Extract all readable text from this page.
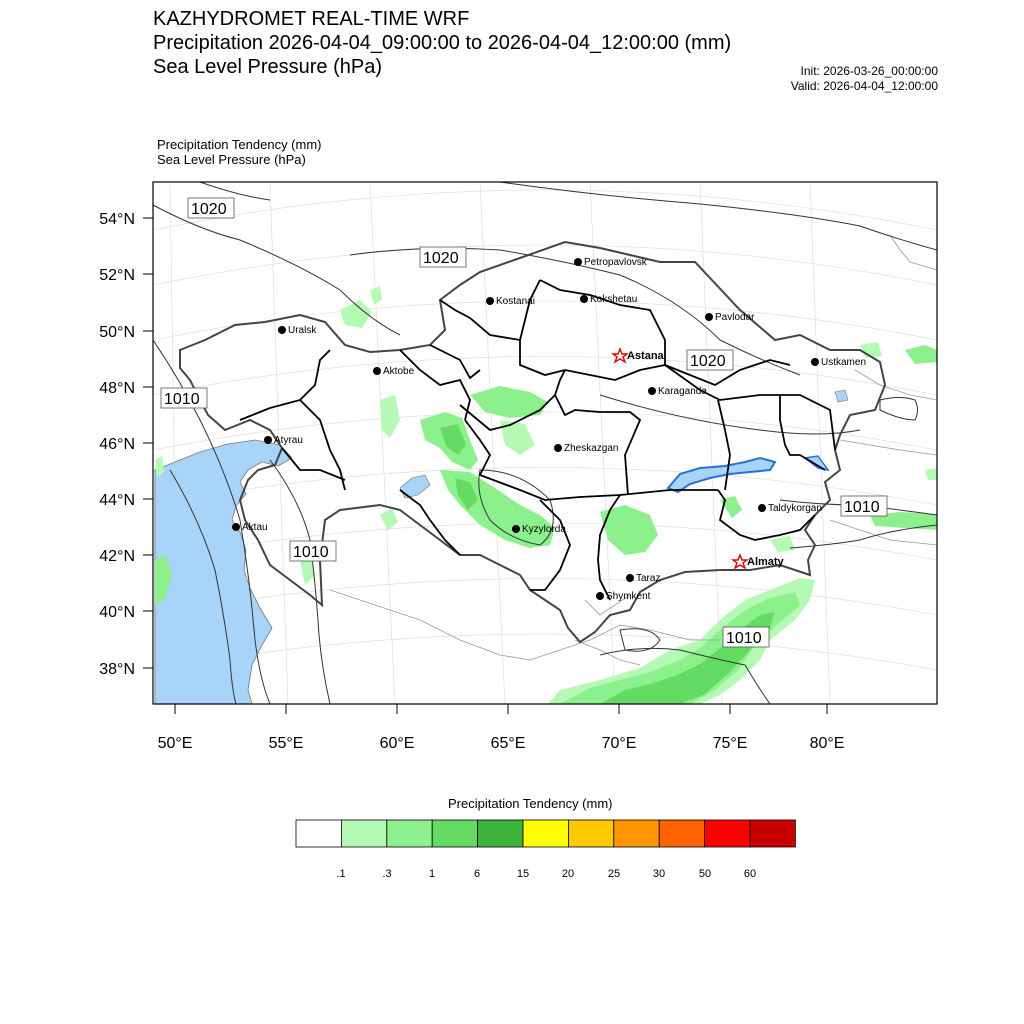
KAZHYDROMET REAL-TIME WRF
Precipitation 2026-04-04_09:00:00 to 2026-04-04_12:00:00 (mm)
Sea Level Pressure (hPa)	Init: 2026-03-26_00:00:00
Valid: 2026-04-04_12:00:00
Precipitation Tendency (mm)
Sea Level Pressure (hPa)
54°N
52°N
50°N
48°N
46°N
44°N
42°N
40°N
38°N
50°E	55°E	60°E	65°E	70°E	75°E	80°E
1020
1020
1020
1010
1010
1010
1010
Petropavlovsk
Kostanai	Kokshetau
Pavlodar
Uralsk
Astana
Aktobe
Karaganda
Ustkamen
Atyrau
Zheskazgan
Taldykorgan
Kyzylorda
Aktau
Almaty
Taraz
Shymkent
.1	.3	1	6	15	20	25	30	50	60
Precipitation Tendency (mm)
